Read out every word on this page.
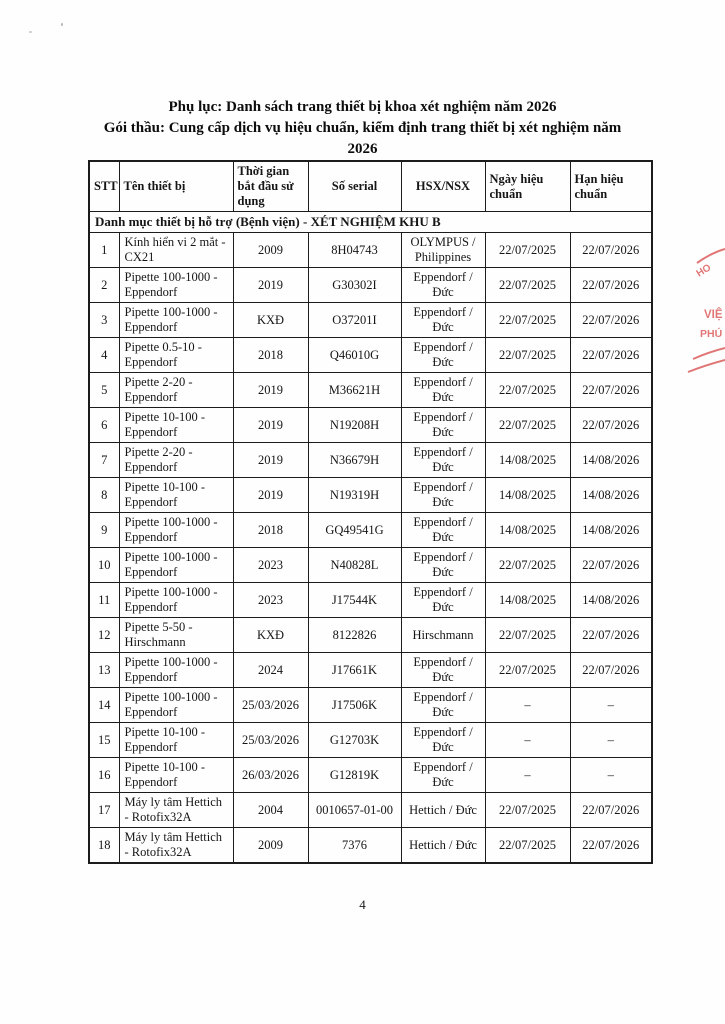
Phụ lục: Danh sách trang thiết bị khoa xét nghiệm năm 2026
Gói thầu: Cung cấp dịch vụ hiệu chuẩn, kiểm định trang thiết bị xét nghiệm năm
2026
STT	Tên thiết bị	Thời gian bắt đầu sử dụng	Số serial	HSX/NSX	Ngày hiệu chuẩn	Hạn hiệu chuẩn
Danh mục thiết bị hỗ trợ (Bệnh viện) - XÉT NGHIỆM KHU B						
1	Kính hiển vi 2 mắt - CX21	2009	8H04743	OLYMPUS / Philippines	22/07/2025	22/07/2026
2	Pipette 100-1000 - Eppendorf	2019	G30302I	Eppendorf / Đức	22/07/2025	22/07/2026
3	Pipette 100-1000 - Eppendorf	KXĐ	O37201I	Eppendorf / Đức	22/07/2025	22/07/2026
4	Pipette 0.5-10 - Eppendorf	2018	Q46010G	Eppendorf / Đức	22/07/2025	22/07/2026
5	Pipette 2-20 - Eppendorf	2019	M36621H	Eppendorf / Đức	22/07/2025	22/07/2026
6	Pipette 10-100 - Eppendorf	2019	N19208H	Eppendorf / Đức	22/07/2025	22/07/2026
7	Pipette 2-20 - Eppendorf	2019	N36679H	Eppendorf / Đức	14/08/2025	14/08/2026
8	Pipette 10-100 - Eppendorf	2019	N19319H	Eppendorf / Đức	14/08/2025	14/08/2026
9	Pipette 100-1000 - Eppendorf	2018	GQ49541G	Eppendorf / Đức	14/08/2025	14/08/2026
10	Pipette 100-1000 - Eppendorf	2023	N40828L	Eppendorf / Đức	22/07/2025	22/07/2026
11	Pipette 100-1000 - Eppendorf	2023	J17544K	Eppendorf / Đức	14/08/2025	14/08/2026
12	Pipette 5-50 - Hirschmann	KXĐ	8122826	Hirschmann	22/07/2025	22/07/2026
13	Pipette 100-1000 - Eppendorf	2024	J17661K	Eppendorf / Đức	22/07/2025	22/07/2026
14	Pipette 100-1000 - Eppendorf	25/03/2026	J17506K	Eppendorf / Đức	–	–
15	Pipette 10-100 - Eppendorf	25/03/2026	G12703K	Eppendorf / Đức	–	–
16	Pipette 10-100 - Eppendorf	26/03/2026	G12819K	Eppendorf / Đức	–	–
17	Máy ly tâm Hettich - Rotofix32A	2004	0010657-01-00	Hettich / Đức	22/07/2025	22/07/2026
18	Máy ly tâm Hettich - Rotofix32A	2009	7376	Hettich / Đức	22/07/2025	22/07/2026
4
HO
VIỆ
PHÚ
